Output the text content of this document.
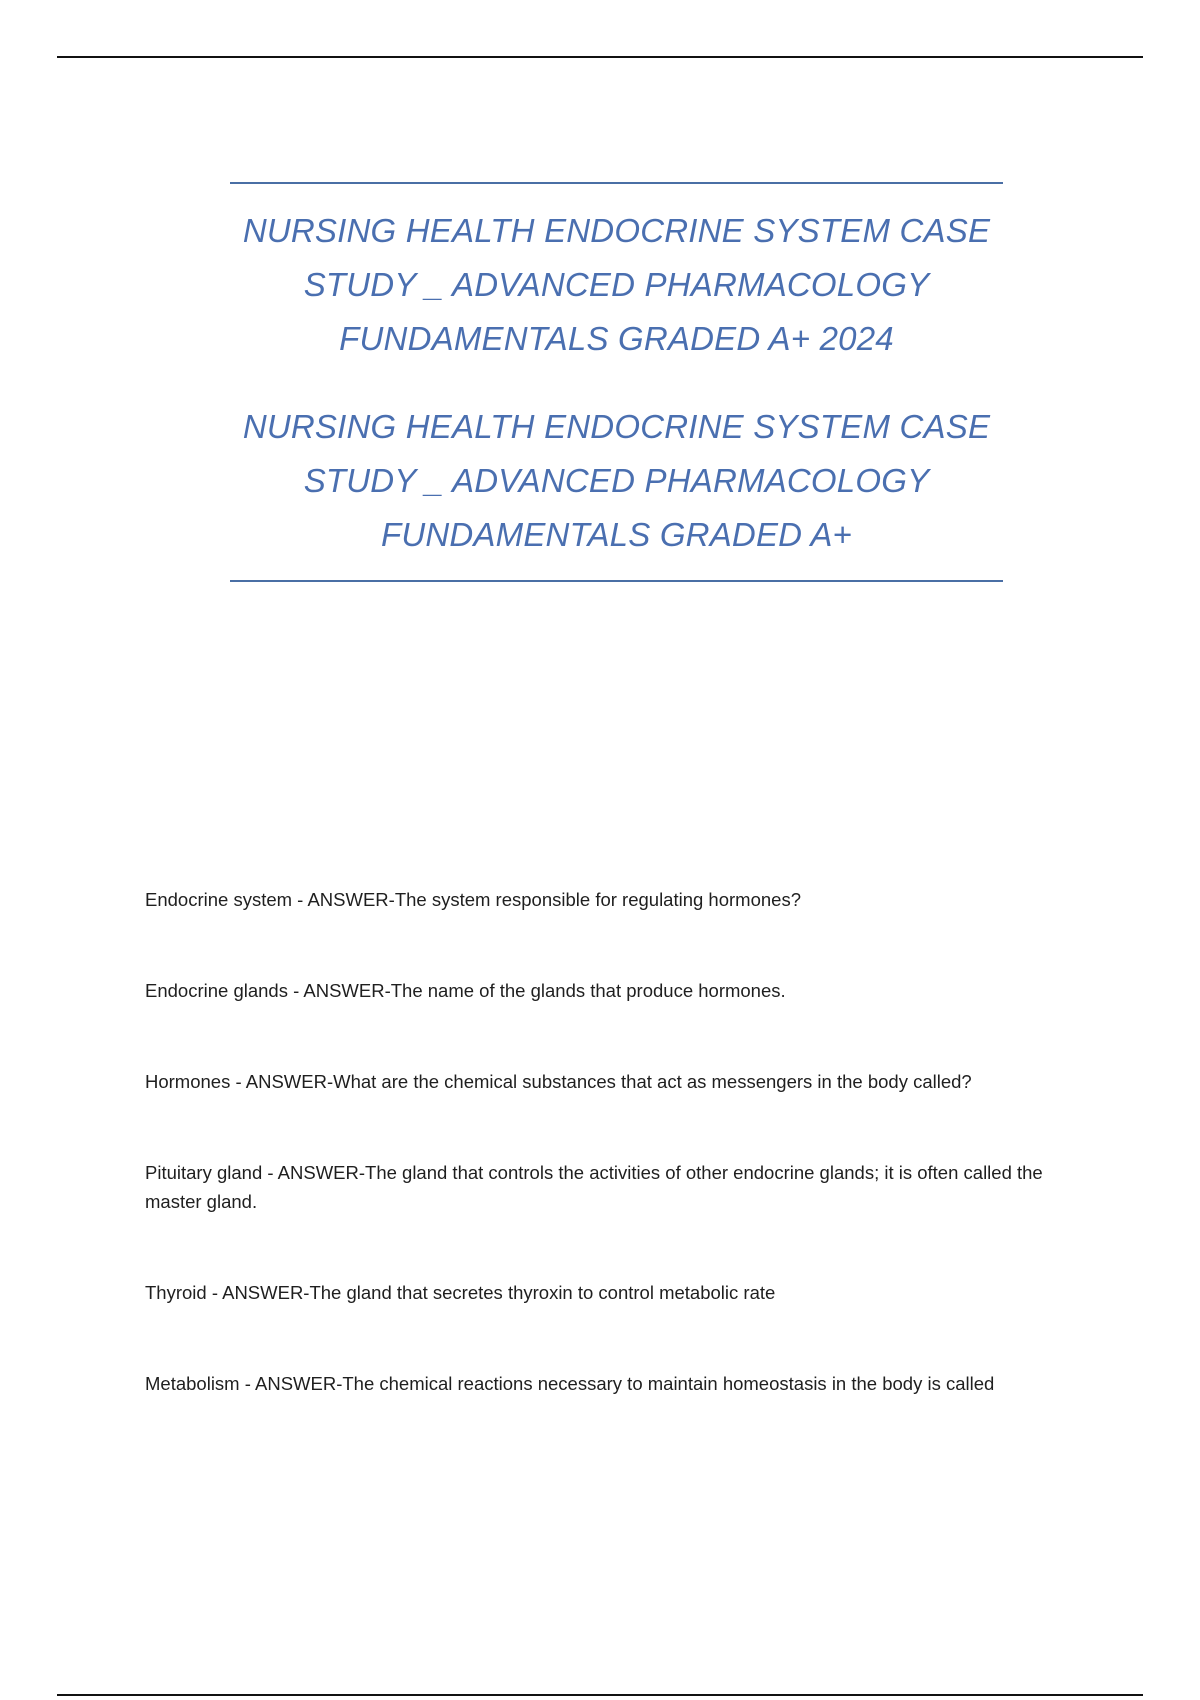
NURSING HEALTH ENDOCRINE SYSTEM CASE
STUDY _ ADVANCED PHARMACOLOGY
FUNDAMENTALS GRADED A+ 2024
NURSING HEALTH ENDOCRINE SYSTEM CASE
STUDY _ ADVANCED PHARMACOLOGY
FUNDAMENTALS GRADED A+

Endocrine system - ANSWER-The system responsible for regulating hormones?

Endocrine glands - ANSWER-The name of the glands that produce hormones.

Hormones - ANSWER-What are the chemical substances that act as messengers in the body called?

Pituitary gland - ANSWER-The gland that controls the activities of other endocrine glands; it is often called the master gland.

Thyroid - ANSWER-The gland that secretes thyroxin to control metabolic rate

Metabolism - ANSWER-The chemical reactions necessary to maintain homeostasis in the body is called
